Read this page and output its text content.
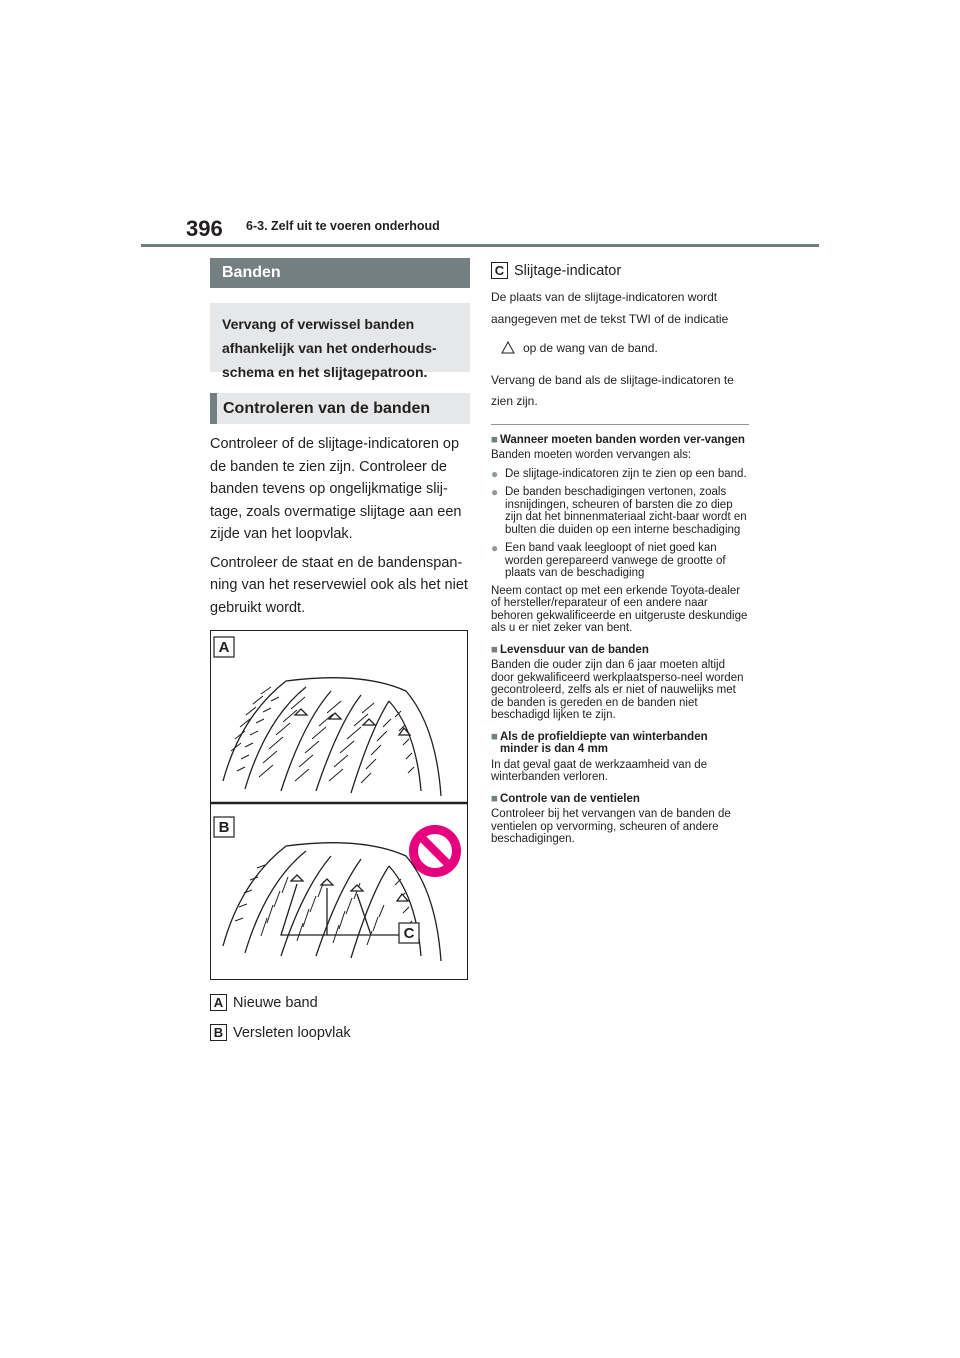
396 6-3. Zelf uit te voeren onderhoud
Banden
Vervang of verwissel banden afhankelijk van het onderhouds-schema en het slijtagepatroon.
Controleren van de banden

Controleer of de slijtage-indicatoren op de banden te zien zijn. Controleer de banden tevens op ongelijkmatige slij-tage, zoals overmatige slijtage aan een zijde van het loopvlak.

Controleer de staat en de bandenspan-ning van het reservewiel ook als het niet gebruikt wordt.

A
B
C
A Nieuwe band
B Versleten loopvlak
C Slijtage-indicator

De plaats van de slijtage-indicatoren wordt aangegeven met de tekst TWI of de indicatie

op de wang van de band.

Vervang de band als de slijtage-indicatoren te zien zijn.

■ Wanneer moeten banden worden ver-vangen
Banden moeten worden vervangen als:
● De slijtage-indicatoren zijn te zien op een band.
● De banden beschadigingen vertonen, zoals insnijdingen, scheuren of barsten die zo diep zijn dat het binnenmateriaal zicht-baar wordt en bulten die duiden op een interne beschadiging
● Een band vaak leegloopt of niet goed kan worden gerepareerd vanwege de grootte of plaats van de beschadiging
Neem contact op met een erkende Toyota-dealer of hersteller/reparateur of een andere naar behoren gekwalificeerde en uitgeruste deskundige als u er niet zeker van bent.
■ Levensduur van de banden
Banden die ouder zijn dan 6 jaar moeten altijd door gekwalificeerd werkplaatsperso-neel worden gecontroleerd, zelfs als er niet of nauwelijks met de banden is gereden en de banden niet beschadigd lijken te zijn.
■ Als de profieldiepte van winterbanden minder is dan 4 mm
In dat geval gaat de werkzaamheid van de winterbanden verloren.
■ Controle van de ventielen
Controleer bij het vervangen van de banden de ventielen op vervorming, scheuren of andere beschadigingen.
